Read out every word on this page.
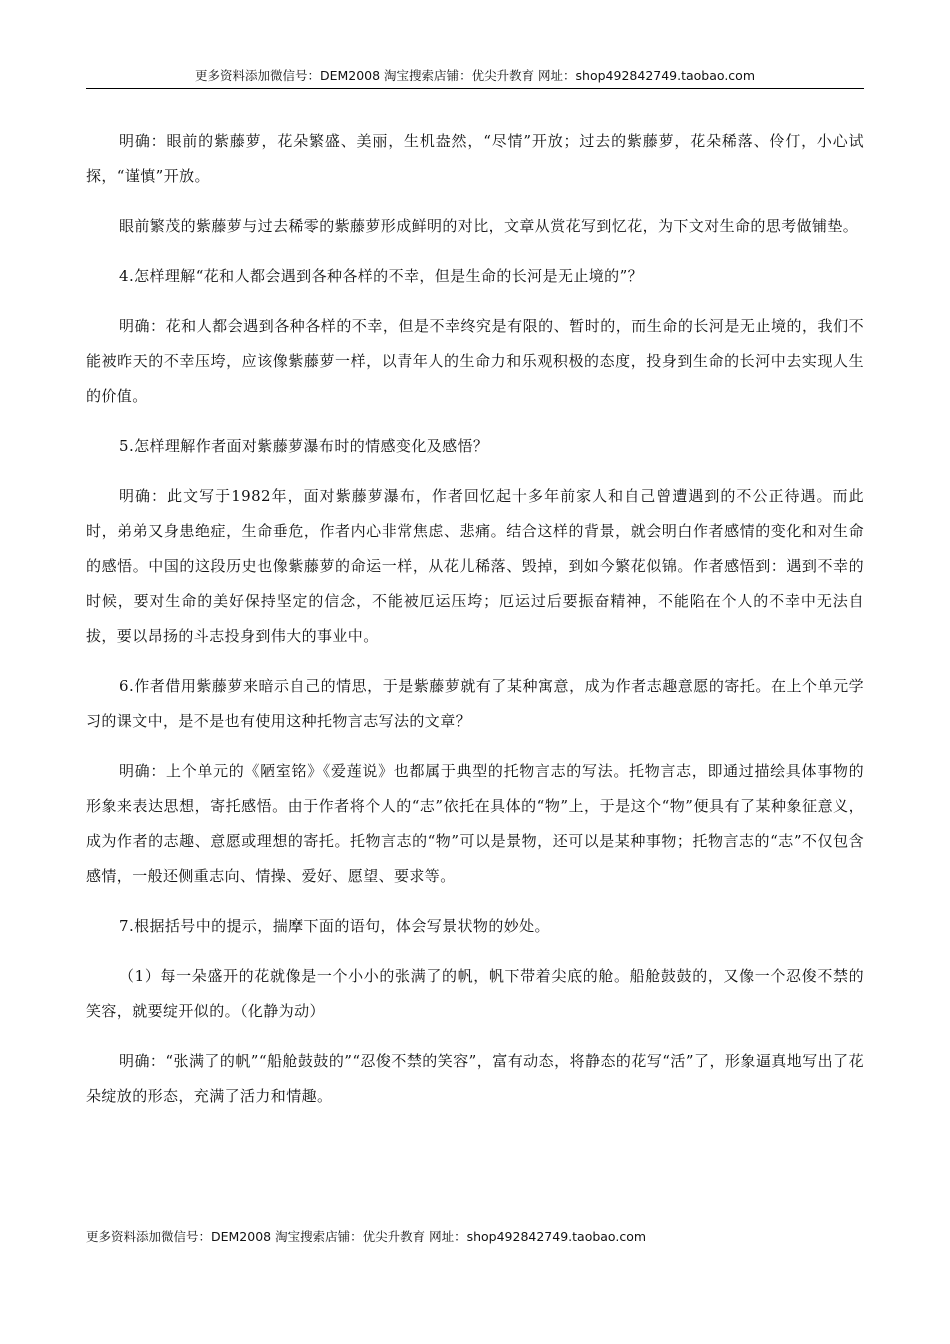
更多资料添加微信号：DEM2008 淘宝搜索店铺：优尖升教育 网址：shop492842749.taobao.com

明确：眼前的紫藤萝，花朵繁盛、美丽，生机盎然，“尽情”开放；过去的紫藤萝，花朵稀落、伶仃，小心试探，“谨慎”开放。

眼前繁茂的紫藤萝与过去稀零的紫藤萝形成鲜明的对比，文章从赏花写到忆花，为下文对生命的思考做铺垫。

4.怎样理解“花和人都会遇到各种各样的不幸，但是生命的长河是无止境的”？

明确：花和人都会遇到各种各样的不幸，但是不幸终究是有限的、暂时的，而生命的长河是无止境的，我们不能被昨天的不幸压垮，应该像紫藤萝一样，以青年人的生命力和乐观积极的态度，投身到生命的长河中去实现人生的价值。

5.怎样理解作者面对紫藤萝瀑布时的情感变化及感悟？

明确：此文写于1982年，面对紫藤萝瀑布，作者回忆起十多年前家人和自己曾遭遇到的不公正待遇。而此时，弟弟又身患绝症，生命垂危，作者内心非常焦虑、悲痛。结合这样的背景，就会明白作者感情的变化和对生命的感悟。中国的这段历史也像紫藤萝的命运一样，从花儿稀落、毁掉，到如今繁花似锦。作者感悟到：遇到不幸的时候，要对生命的美好保持坚定的信念，不能被厄运压垮；厄运过后要振奋精神，不能陷在个人的不幸中无法自拔，要以昂扬的斗志投身到伟大的事业中。

6.作者借用紫藤萝来暗示自己的情思，于是紫藤萝就有了某种寓意，成为作者志趣意愿的寄托。在上个单元学习的课文中，是不是也有使用这种托物言志写法的文章？

明确：上个单元的《陋室铭》《爱莲说》也都属于典型的托物言志的写法。托物言志，即通过描绘具体事物的形象来表达思想，寄托感悟。由于作者将个人的“志”依托在具体的“物”上，于是这个“物”便具有了某种象征意义，成为作者的志趣、意愿或理想的寄托。托物言志的“物”可以是景物，还可以是某种事物；托物言志的“志”不仅包含感情，一般还侧重志向、情操、爱好、愿望、要求等。

7.根据括号中的提示，揣摩下面的语句，体会写景状物的妙处。

（1）每一朵盛开的花就像是一个小小的张满了的帆，帆下带着尖底的舱。船舱鼓鼓的，又像一个忍俊不禁的笑容，就要绽开似的。（化静为动）

明确：“张满了的帆”“船舱鼓鼓的”“忍俊不禁的笑容”，富有动态，将静态的花写“活”了，形象逼真地写出了花朵绽放的形态，充满了活力和情趣。

更多资料添加微信号：DEM2008 淘宝搜索店铺：优尖升教育 网址：shop492842749.taobao.com
